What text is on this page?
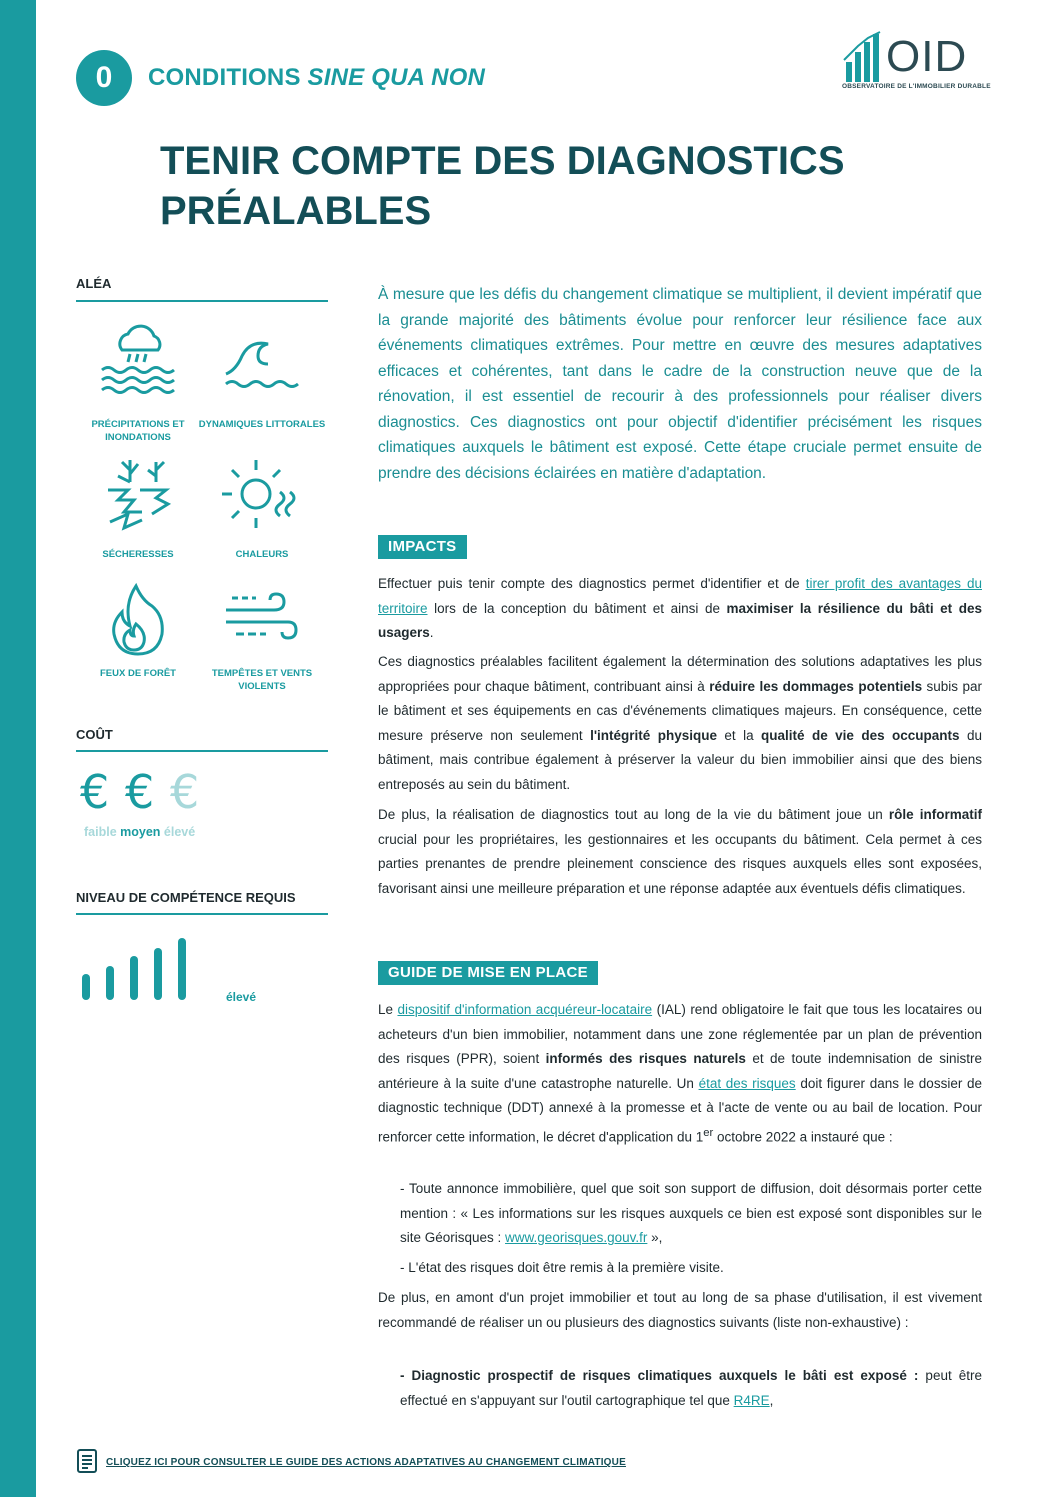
0 CONDITIONS SINE QUA NON	OID
OBSERVATOIRE DE L'IMMOBILIER DURABLE
TENIR COMPTE DES DIAGNOSTICS
PRÉALABLES
ALÉA
PRÉCIPITATIONS ET INONDATIONS
DYNAMIQUES LITTORALES
SÉCHERESSES	CHALEURS
FEUX DE FORÊT	TEMPÊTES ET VENTS VIOLENTS
COÛT
€ € €
faible moyen élevé
NIVEAU DE COMPÉTENCE REQUIS
élevé

À mesure que les défis du changement climatique se multiplient, il devient impératif que la grande majorité des bâtiments évolue pour renforcer leur résilience face aux événements climatiques extrêmes. Pour mettre en œuvre des mesures adaptatives efficaces et cohérentes, tant dans le cadre de la construction neuve que de la rénovation, il est essentiel de recourir à des professionnels pour réaliser divers diagnostics. Ces diagnostics ont pour objectif d'identifier précisément les risques climatiques auxquels le bâtiment est exposé. Cette étape cruciale permet ensuite de prendre des décisions éclairées en matière d'adaptation.

IMPACTS

Effectuer puis tenir compte des diagnostics permet d'identifier et de tirer profit des avantages du territoire lors de la conception du bâtiment et ainsi de maximiser la résilience du bâti et des usagers.

Ces diagnostics préalables facilitent également la détermination des solutions adaptatives les plus appropriées pour chaque bâtiment, contribuant ainsi à réduire les dommages potentiels subis par le bâtiment et ses équipements en cas d'événements climatiques majeurs. En conséquence, cette mesure préserve non seulement l'intégrité physique et la qualité de vie des occupants du bâtiment, mais contribue également à préserver la valeur du bien immobilier ainsi que des biens entreposés au sein du bâtiment.

De plus, la réalisation de diagnostics tout au long de la vie du bâtiment joue un rôle informatif crucial pour les propriétaires, les gestionnaires et les occupants du bâtiment. Cela permet à ces parties prenantes de prendre pleinement conscience des risques auxquels elles sont exposées, favorisant ainsi une meilleure préparation et une réponse adaptée aux éventuels défis climatiques.

GUIDE DE MISE EN PLACE

Le dispositif d'information acquéreur-locataire (IAL) rend obligatoire le fait que tous les locataires ou acheteurs d'un bien immobilier, notamment dans une zone réglementée par un plan de prévention des risques (PPR), soient informés des risques naturels et de toute indemnisation de sinistre antérieure à la suite d'une catastrophe naturelle. Un état des risques doit figurer dans le dossier de diagnostic technique (DDT) annexé à la promesse et à l'acte de vente ou au bail de location. Pour renforcer cette information, le décret d'application du 1er octobre 2022 a instauré que :

- Toute annonce immobilière, quel que soit son support de diffusion, doit désormais porter cette mention : « Les informations sur les risques auxquels ce bien est exposé sont disponibles sur le site Géorisques : www.georisques.gouv.fr »,

- L'état des risques doit être remis à la première visite.

De plus, en amont d'un projet immobilier et tout au long de sa phase d'utilisation, il est vivement recommandé de réaliser un ou plusieurs des diagnostics suivants (liste non-exhaustive) :

- Diagnostic prospectif de risques climatiques auxquels le bâti est exposé : peut être effectué en s'appuyant sur l'outil cartographique tel que R4RE,

CLIQUEZ ICI POUR CONSULTER LE GUIDE DES ACTIONS ADAPTATIVES AU CHANGEMENT CLIMATIQUE
